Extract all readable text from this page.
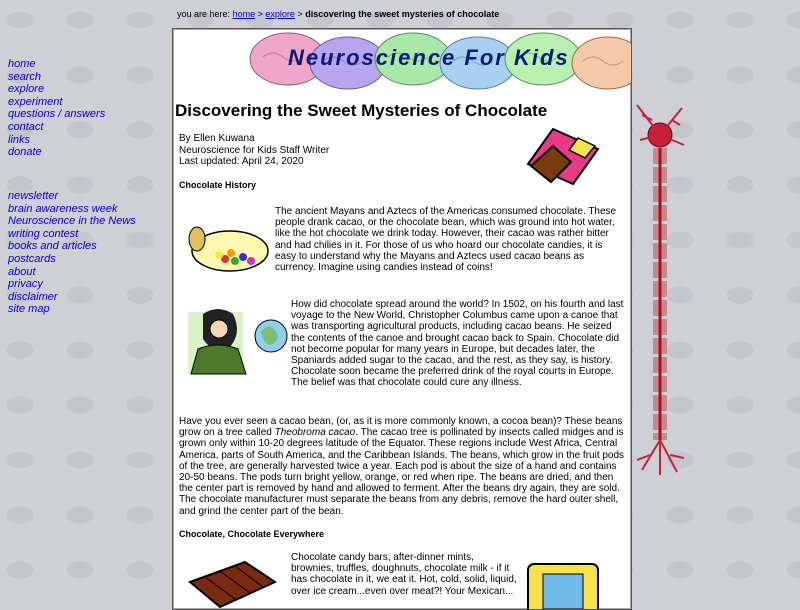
you are here: home > explore > discovering the sweet mysteries of chocolate
home
search
explore
experiment
questions / answers
contact
links
donate
newsletter
brain awareness week
Neuroscience in the News
writing contest
books and articles
postcards
about
privacy
disclaimer
site map
Neuroscience For Kids
Discovering the Sweet Mysteries of Chocolate
By Ellen Kuwana
Neuroscience for Kids Staff Writer
Last updated: April 24, 2020
Chocolate History
The ancient Mayans and Aztecs of the Americas consumed chocolate. These people drank cacao, or the chocolate bean, which was ground into hot water, like the hot chocolate we drink today. However, their cacao was rather bitter and had chilies in it. For those of us who hoard our chocolate candies, it is easy to understand why the Mayans and Aztecs used cacao beans as currency. Imagine using candies instead of coins!
How did chocolate spread around the world? In 1502, on his fourth and last voyage to the New World, Christopher Columbus came upon a canoe that was transporting agricultural products, including cacao beans. He seized the contents of the canoe and brought cacao back to Spain. Chocolate did not become popular for many years in Europe, but decades later, the Spaniards added sugar to the cacao, and the rest, as they say, is history. Chocolate soon became the preferred drink of the royal courts in Europe. The belief was that chocolate could cure any illness.
Have you ever seen a cacao bean, (or, as it is more commonly known, a cocoa bean)? These beans grow on a tree called Theobroma cacao. The cacao tree is pollinated by insects called midges and is grown only within 10-20 degrees latitude of the Equator. These regions include West Africa, Central America, parts of South America, and the Caribbean Islands. The beans, which grow in the fruit pods of the tree, are generally harvested twice a year. Each pod is about the size of a hand and contains 20-50 beans. The pods turn bright yellow, orange, or red when ripe. The beans are dried, and then the center part is removed by hand and allowed to ferment. After the beans dry again, they are sold. The chocolate manufacturer must separate the beans from any debris, remove the hard outer shell, and grind the center part of the bean.
Chocolate, Chocolate Everywhere
Chocolate candy bars, after-dinner mints, brownies, truffles, doughnuts, chocolate milk - if it has chocolate in it, we eat it. Hot, cold, solid, liquid, over ice cream...even over meat?! Your Mexican...
